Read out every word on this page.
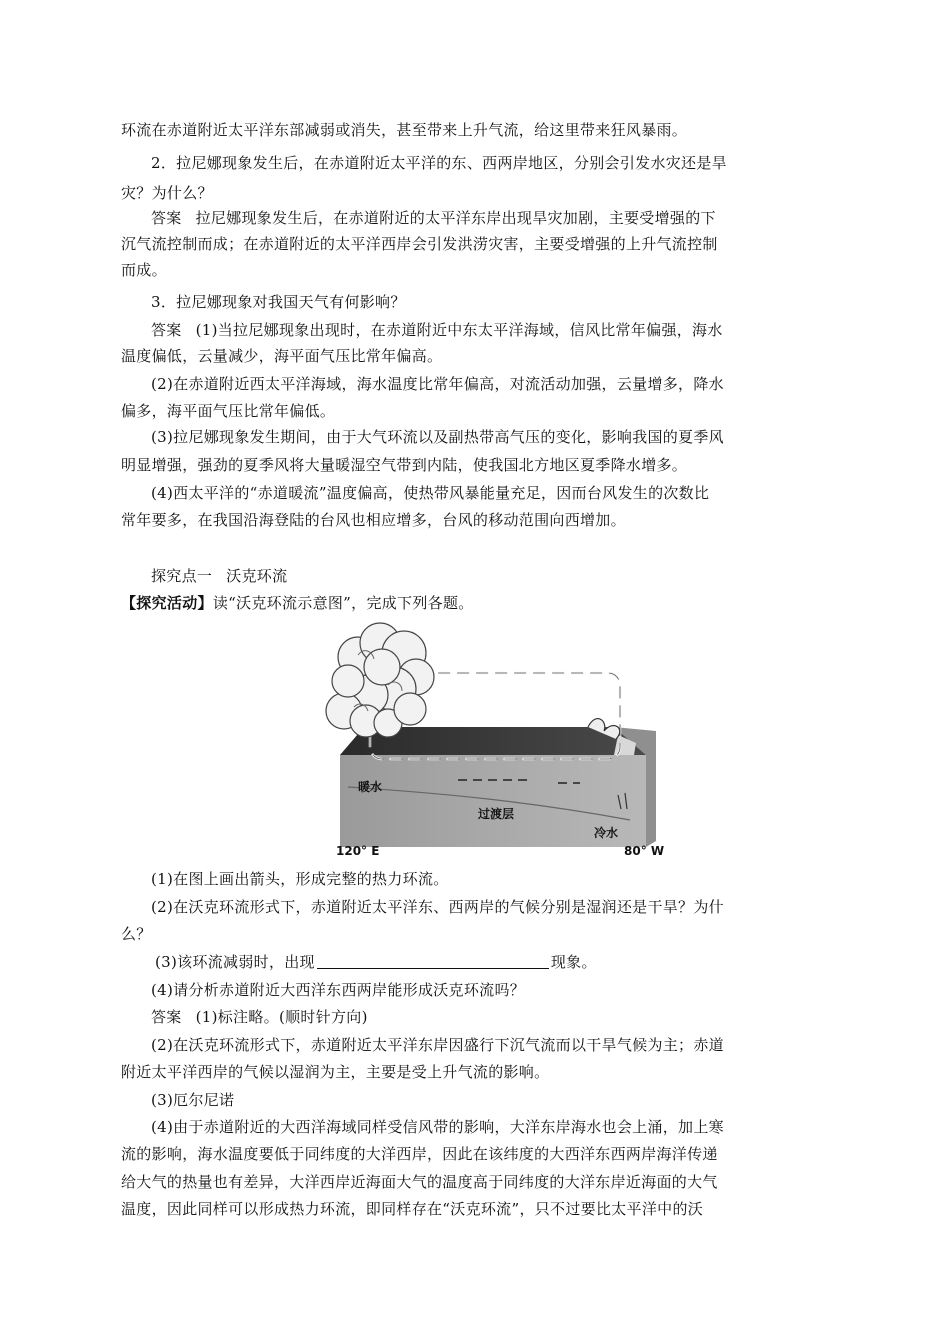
环流在赤道附近太平洋东部减弱或消失，甚至带来上升气流，给这里带来狂风暴雨。
2．拉尼娜现象发生后，在赤道附近太平洋的东、西两岸地区，分别会引发水灾还是旱
灾？为什么？
答案 拉尼娜现象发生后，在赤道附近的太平洋东岸出现旱灾加剧，主要受增强的下
沉气流控制而成；在赤道附近的太平洋西岸会引发洪涝灾害，主要受增强的上升气流控制
而成。
3．拉尼娜现象对我国天气有何影响？
答案 (1)当拉尼娜现象出现时，在赤道附近中东太平洋海域，信风比常年偏强，海水
温度偏低，云量减少，海平面气压比常年偏高。
(2)在赤道附近西太平洋海域，海水温度比常年偏高，对流活动加强，云量增多，降水
偏多，海平面气压比常年偏低。
(3)拉尼娜现象发生期间，由于大气环流以及副热带高气压的变化，影响我国的夏季风
明显增强，强劲的夏季风将大量暖湿空气带到内陆，使我国北方地区夏季降水增多。
(4)西太平洋的“赤道暖流”温度偏高，使热带风暴能量充足，因而台风发生的次数比
常年要多，在我国沿海登陆的台风也相应增多，台风的移动范围向西增加。
探究点一 沃克环流
【探究活动】读“沃克环流示意图”，完成下列各题。
暖水
过渡层
冷水
120° E	80° W
(1)在图上画出箭头，形成完整的热力环流。
(2)在沃克环流形式下，赤道附近太平洋东、西两岸的气候分别是湿润还是干旱？为什
么？
(3)该环流减弱时，出现	现象。
(4)请分析赤道附近大西洋东西两岸能形成沃克环流吗？
答案 (1)标注略。(顺时针方向)
(2)在沃克环流形式下，赤道附近太平洋东岸因盛行下沉气流而以干旱气候为主；赤道
附近太平洋西岸的气候以湿润为主，主要是受上升气流的影响。
(3)厄尔尼诺
(4)由于赤道附近的大西洋海域同样受信风带的影响，大洋东岸海水也会上涌，加上寒
流的影响，海水温度要低于同纬度的大洋西岸，因此在该纬度的大西洋东西两岸海洋传递
给大气的热量也有差异，大洋西岸近海面大气的温度高于同纬度的大洋东岸近海面的大气
温度，因此同样可以形成热力环流，即同样存在“沃克环流”，只不过要比太平洋中的沃
